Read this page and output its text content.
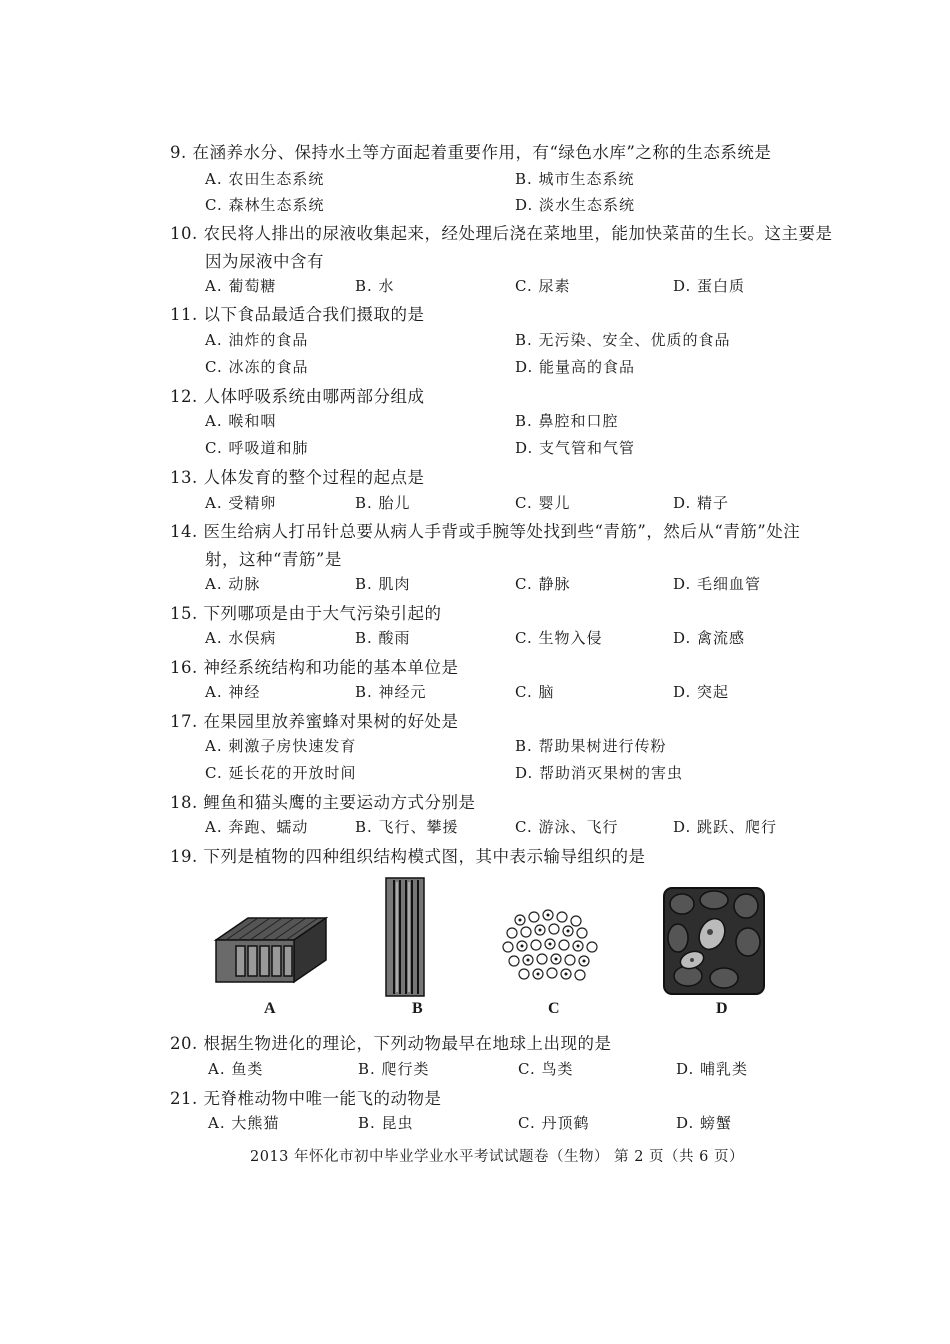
9. 在涵养水分、保持水土等方面起着重要作用，有“绿色水库”之称的生态系统是
A. 农田生态系统	B. 城市生态系统
C. 森林生态系统	D. 淡水生态系统
10. 农民将人排出的尿液收集起来，经处理后浇在菜地里，能加快菜苗的生长。这主要是
因为尿液中含有
A. 葡萄糖	B. 水	C. 尿素	D. 蛋白质
11. 以下食品最适合我们摄取的是
A. 油炸的食品	B. 无污染、安全、优质的食品
C. 冰冻的食品	D. 能量高的食品
12. 人体呼吸系统由哪两部分组成
A. 喉和咽	B. 鼻腔和口腔
C. 呼吸道和肺	D. 支气管和气管
13. 人体发育的整个过程的起点是
A. 受精卵	B. 胎儿	C. 婴儿	D. 精子
14. 医生给病人打吊针总要从病人手背或手腕等处找到些“青筋”，然后从“青筋”处注
射，这种“青筋”是
A. 动脉	B. 肌肉	C. 静脉	D. 毛细血管
15. 下列哪项是由于大气污染引起的
A. 水俣病	B. 酸雨	C. 生物入侵	D. 禽流感
16. 神经系统结构和功能的基本单位是
A. 神经	B. 神经元	C. 脑	D. 突起
17. 在果园里放养蜜蜂对果树的好处是
A. 刺激子房快速发育	B. 帮助果树进行传粉
C. 延长花的开放时间	D. 帮助消灭果树的害虫
18. 鲤鱼和猫头鹰的主要运动方式分别是
A. 奔跑、蠕动	B. 飞行、攀援	C. 游泳、飞行	D. 跳跃、爬行
19. 下列是植物的四种组织结构模式图，其中表示输导组织的是
A	B	C	D
20. 根据生物进化的理论，下列动物最早在地球上出现的是
A. 鱼类	B. 爬行类	C. 鸟类	D. 哺乳类
21. 无脊椎动物中唯一能飞的动物是
A. 大熊猫	B. 昆虫	C. 丹顶鹤	D. 螃蟹
2013 年怀化市初中毕业学业水平考试试题卷（生物） 第 2 页（共 6 页）
